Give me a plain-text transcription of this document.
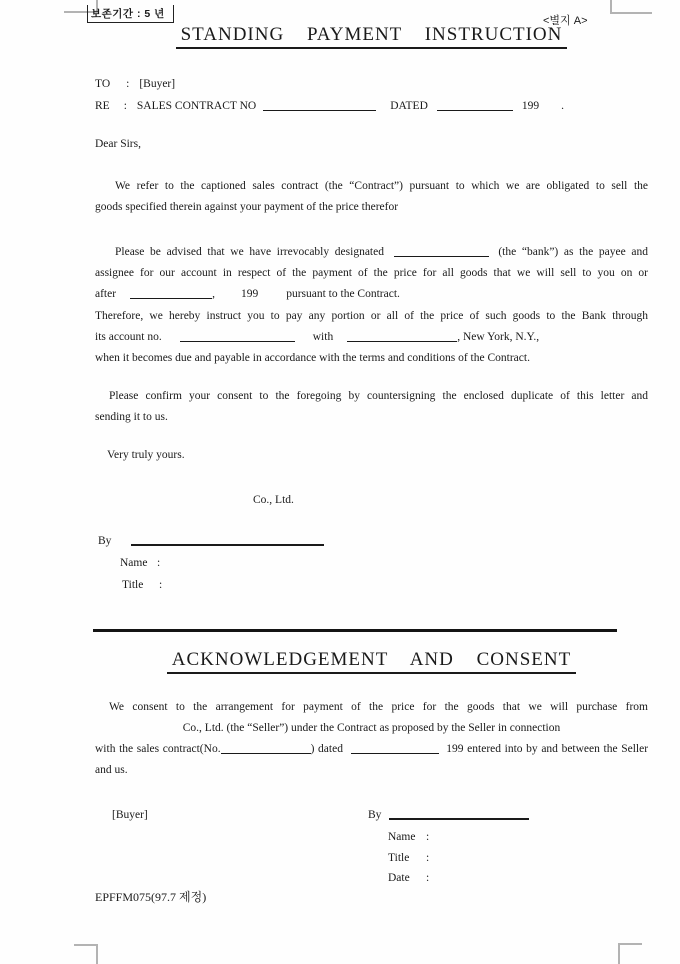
보존기간 : 5 년
<별지 A>
STANDING PAYMENT INSTRUCTION
TO : [Buyer]
RE : SALES CONTRACT NO	DATED	199 .
Dear Sirs,
We refer to the captioned sales contract (the “Contract”) pursuant to which we are obligated to sell the
goods specified therein against your payment of the price therefor
Please be advised that we have irrevocably designated	(the “bank”) as the payee and
assignee for our account in respect of the payment of the price for all goods that we will sell to you on or
after	, 199 pursuant to the Contract.
Therefore, we hereby instruct you to pay any portion or all of the price of such goods to the Bank through
its account no.	with	, New York, N.Y.,
when it becomes due and payable in accordance with the terms and conditions of the Contract.
Please confirm your consent to the foregoing by countersigning the enclosed duplicate of this letter and
sending it to us.
Very truly yours.
Co., Ltd.
By
Name :
Title :
ACKNOWLEDGEMENT AND CONSENT
We consent to the arrangement for payment of the price for the goods that we will purchase from
Co., Ltd. (the “Seller”) under the Contract as proposed by the Seller in connection
with the sales contract(No.	) dated	199 entered into by and between the Seller
and us.
[Buyer]	By
Name :
Title :
Date :
EPFFM075(97.7 제정)
